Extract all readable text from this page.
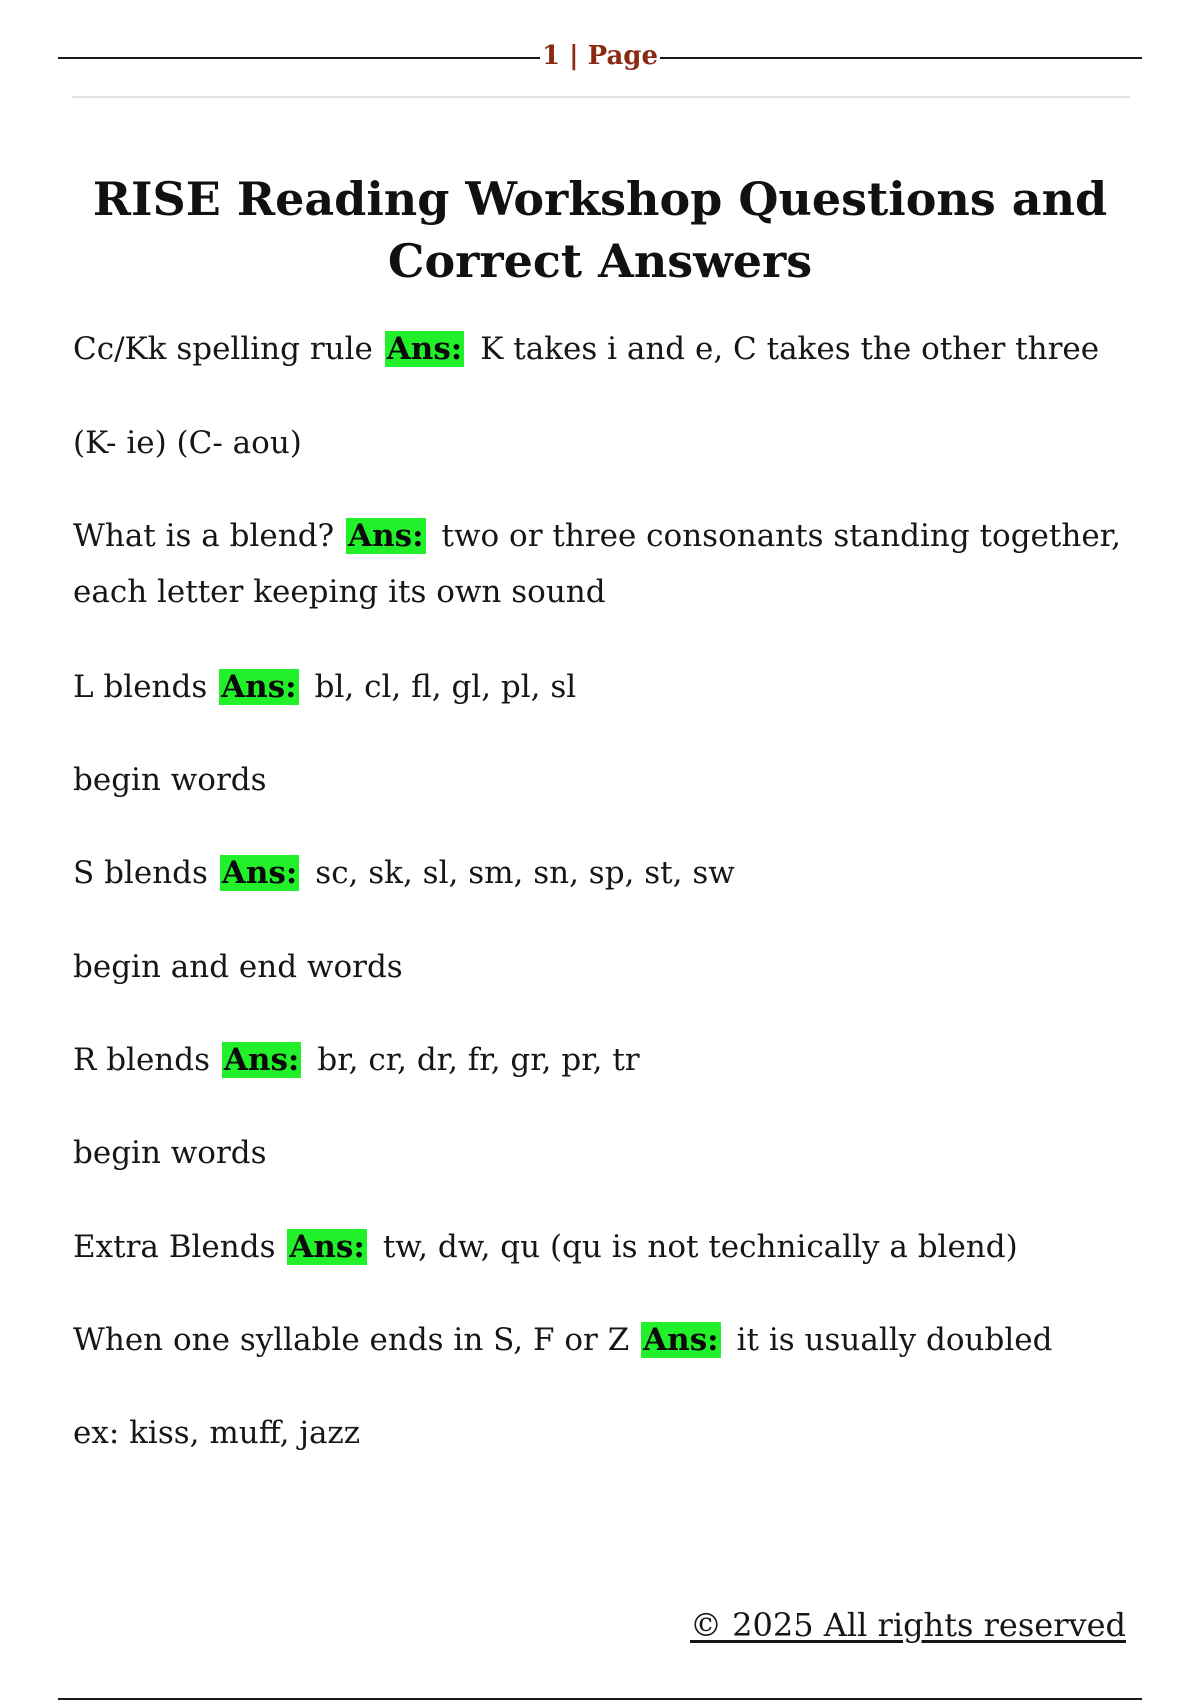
1 | Page
RISE Reading Workshop Questions and Correct Answers
Cc/Kk spelling rule Ans: K takes i and e, C takes the other three
(K- ie) (C- aou)
What is a blend? Ans: two or three consonants standing together, each letter keeping its own sound
L blends Ans: bl, cl, fl, gl, pl, sl
begin words
S blends Ans: sc, sk, sl, sm, sn, sp, st, sw
begin and end words
R blends Ans: br, cr, dr, fr, gr, pr, tr
begin words
Extra Blends Ans: tw, dw, qu (qu is not technically a blend)
When one syllable ends in S, F or Z Ans: it is usually doubled
ex: kiss, muff, jazz
© 2025 All rights reserved
